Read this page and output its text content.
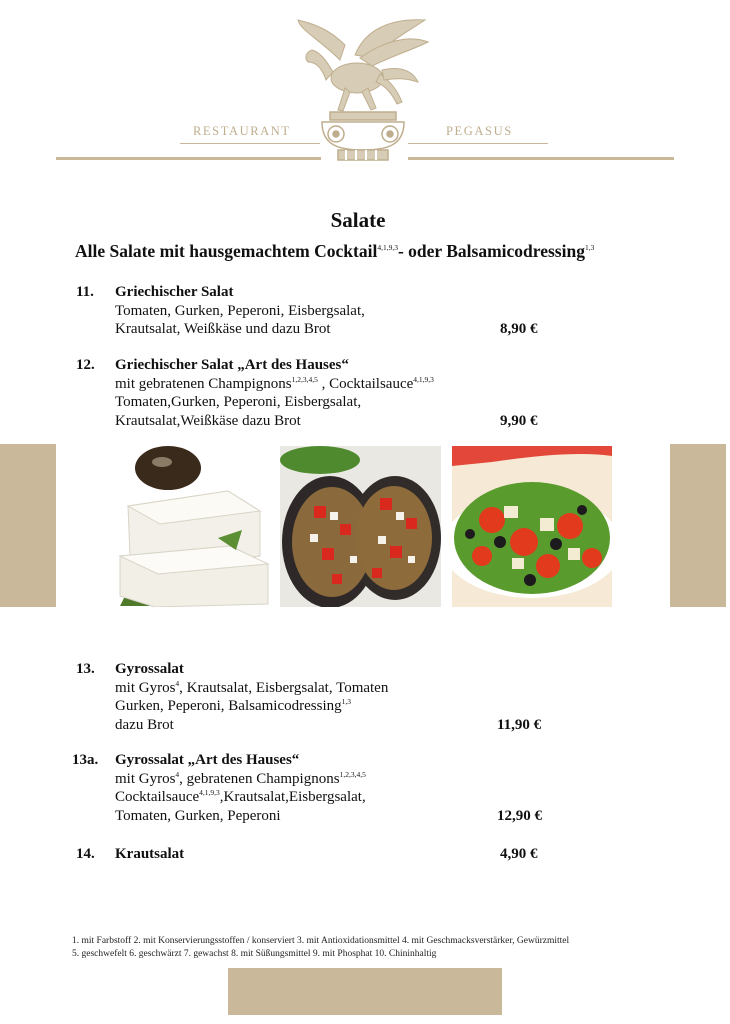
RESTAURANT	PEGASUS
Salate
Alle Salate mit hausgemachtem Cocktail$^{4,1,9,3}$- oder Balsamicodressing$^{1,3}$
11. Griechischer Salat
Tomaten, Gurken, Peperoni, Eisbergsalat,
Krautsalat, Weißkäse und dazu Brot	8,90 €
12. Griechischer Salat „Art des Hauses“
mit gebratenen Champignons$^{1,2,3,4,5}$ , Cocktailsauce$^{4,1,9,3}$
Tomaten,Gurken, Peperoni, Eisbergsalat,
Krautsalat,Weißkäse dazu Brot	9,90 €
13. Gyrossalat
mit Gyros$^4$, Krautsalat, Eisbergsalat, Tomaten
Gurken, Peperoni, Balsamicodressing$^{1,3}$
dazu Brot	11,90 €
13a. Gyrossalat „Art des Hauses“
mit Gyros$^4$, gebratenen Champignons$^{1,2,3,4,5}$
Cocktailsauce$^{4,1,9,3}$,Krautsalat,Eisbergsalat,
Tomaten, Gurken, Peperoni	12,90 €
14. Krautsalat	4,90 €
1. mit Farbstoff 2. mit Konservierungsstoffen / konserviert 3. mit Antioxidationsmittel 4. mit Geschmacksverstärker, Gewürzmittel
5. geschwefelt 6. geschwärzt 7. gewachst 8. mit Süßungsmittel 9. mit Phosphat 10. Chininhaltig
